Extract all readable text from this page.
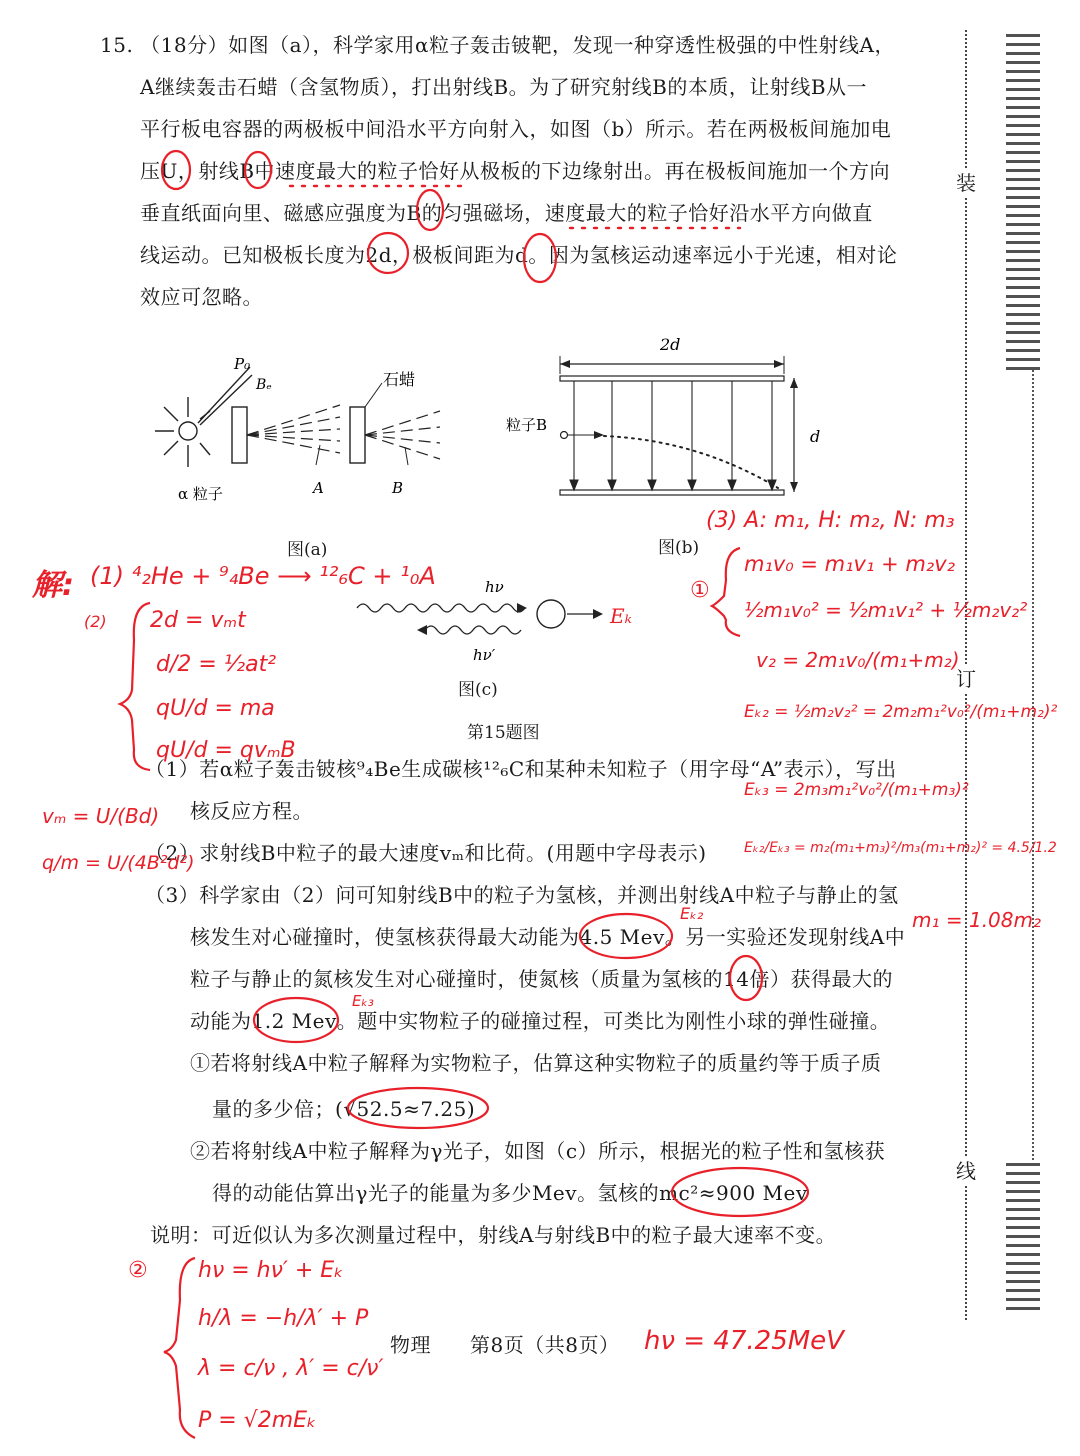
15. （18分）如图（a），科学家用α粒子轰击铍靶，发现一种穿透性极强的中性射线A，
A继续轰击石蜡（含氢物质），打出射线B。为了研究射线B的本质，让射线B从一
平行板电容器的两极板中间沿水平方向射入，如图（b）所示。若在两极板间施加电
压U，射线B中速度最大的粒子恰好从极板的下边缘射出。再在极板间施加一个方向
垂直纸面向里、磁感应强度为B的匀强磁场，速度最大的粒子恰好沿水平方向做直
线运动。已知极板长度为2d，极板间距为d。因为氢核运动速率远小于光速，相对论
效应可忽略。
P₀
Bₑ	石蜡
α 粒子	A	B
图(a)
2d
d
粒子B
图(b)
hν
hν′
Eₖ
图(c)
第15题图
（1）若α粒子轰击铍核⁹₄Be生成碳核¹²₆C和某种未知粒子（用字母“A”表示），写出
核反应方程。
（2）求射线B中粒子的最大速度vₘ和比荷。(用题中字母表示)
（3）科学家由（2）问可知射线B中的粒子为氢核，并测出射线A中粒子与静止的氢
核发生对心碰撞时，使氢核获得最大动能为4.5 Mev。另一实验还发现射线A中
粒子与静止的氮核发生对心碰撞时，使氮核（质量为氢核的14倍）获得最大的
动能为1.2 Mev。题中实物粒子的碰撞过程，可类比为刚性小球的弹性碰撞。
①若将射线A中粒子解释为实物粒子，估算这种实物粒子的质量约等于质子质
量的多少倍；(√52.5≈7.25)
②若将射线A中粒子解释为γ光子，如图（c）所示，根据光的粒子性和氢核获
得的动能估算出γ光子的能量为多少Mev。氢核的mc²≈900 Mev
说明：可近似认为多次测量过程中，射线A与射线B中的粒子最大速率不变。
物理 第8页（共8页）
装
订
线
解: (1) ⁴₂He + ⁹₄Be ⟶ ¹²₆C + ¹₀A
(2) 2d = vₘt
d/2 = ½at²
qU/d = ma
qU/d = qvₘB
vₘ = U/(Bd)
q/m = U/(4B²d²)
(3) A: m₁, H: m₂, N: m₃
①
m₁v₀ = m₁v₁ + m₂v₂
½m₁v₀² = ½m₁v₁² + ½m₂v₂²
v₂ = 2m₁v₀/(m₁+m₂)
Eₖ₂ = ½m₂v₂² = 2m₂m₁²v₀²/(m₁+m₂)²
Eₖ₃ = 2m₃m₁²v₀²/(m₁+m₃)²
Eₖ₂/Eₖ₃ = m₂(m₁+m₃)²/m₃(m₁+m₂)² = 4.5/1.2
m₁ = 1.08m₂
Eₖ₂
Eₖ₃
② hν = hν′ + Eₖ
h/λ = −h/λ′ + P
λ = c/ν , λ′ = c/ν′
P = √2mEₖ
hν = 47.25MeV
